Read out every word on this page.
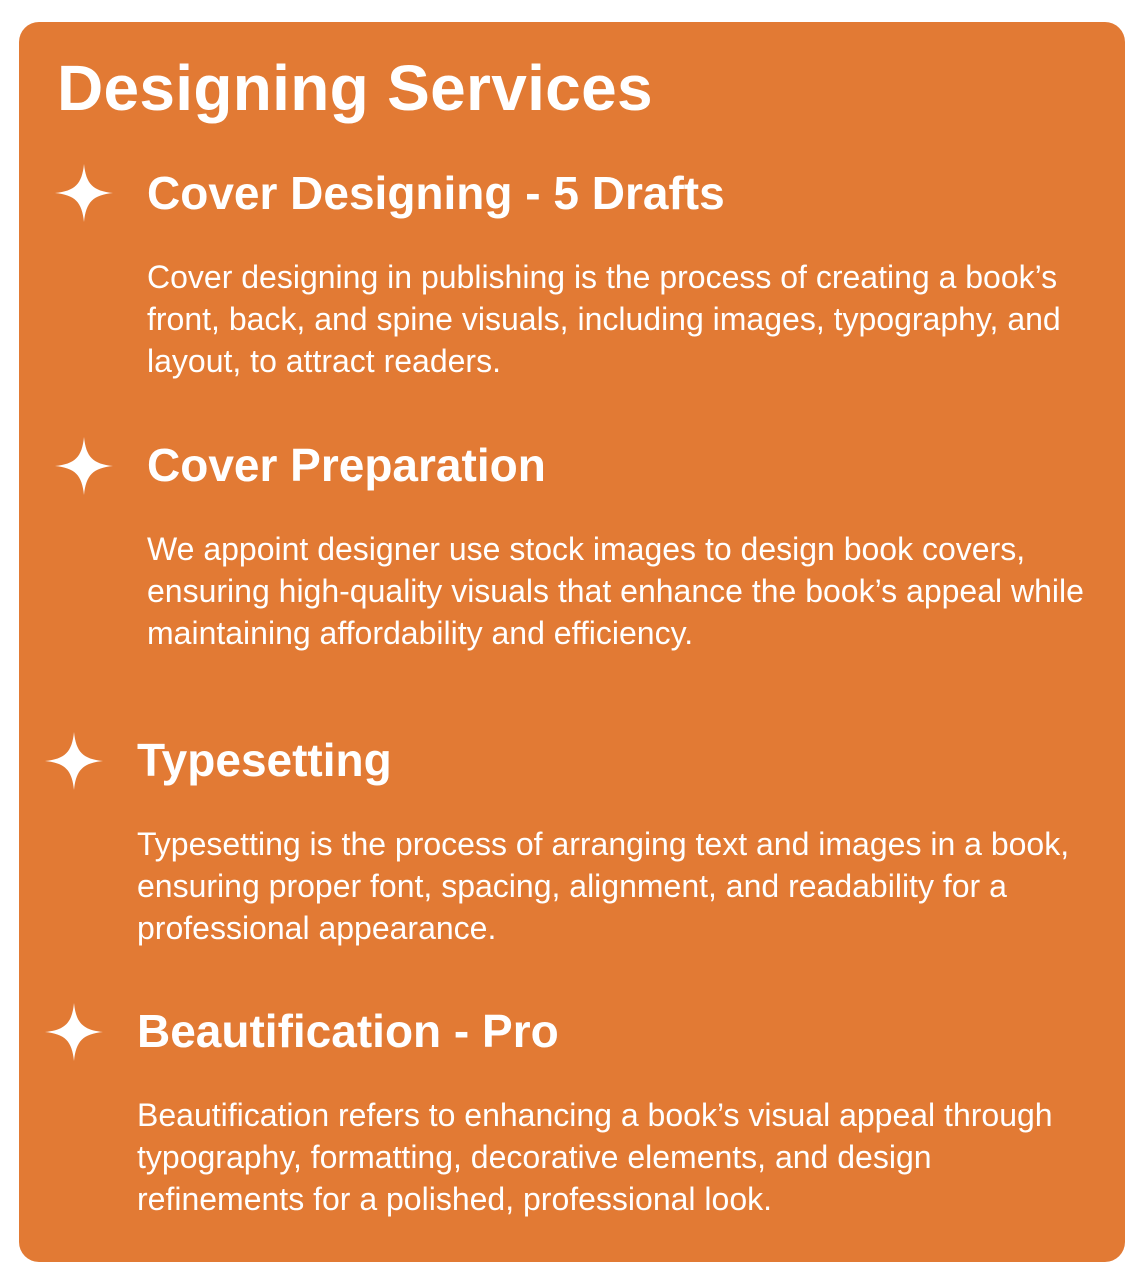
Designing Services
Cover Designing - 5 Drafts

Cover designing in publishing is the process of creating a book’s front, back, and spine visuals, including images, typography, and layout, to attract readers.

Cover Preparation

We appoint designer use stock images to design book covers, ensuring high-quality visuals that enhance the book’s appeal while maintaining affordability and efficiency.

Typesetting

Typesetting is the process of arranging text and images in a book, ensuring proper font, spacing, alignment, and readability for a professional appearance.

Beautification - Pro

Beautification refers to enhancing a book’s visual appeal through typography, formatting, decorative elements, and design refinements for a polished, professional look.
